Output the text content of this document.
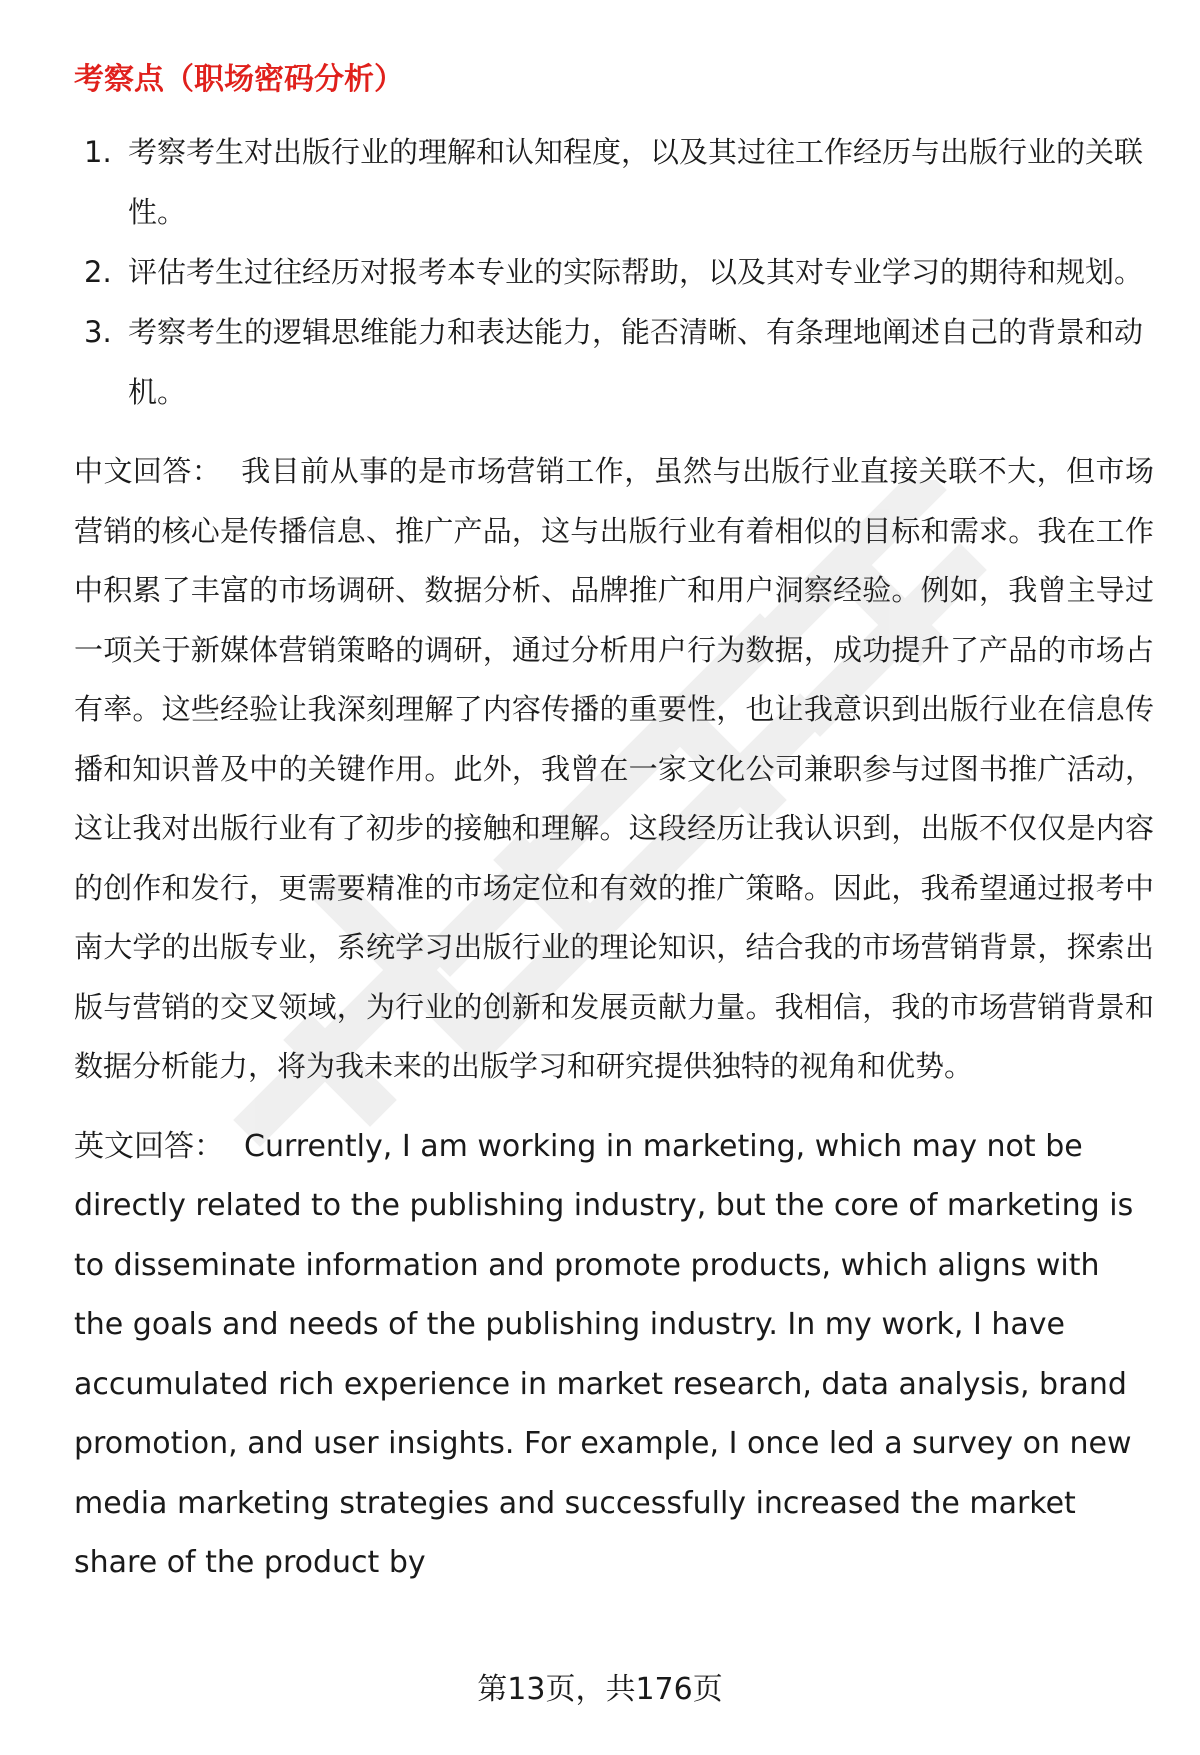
考察点（职场密码分析）
1. 考察考生对出版行业的理解和认知程度，以及其过往工作经历与出版行业的关联性。
2. 评估考生过往经历对报考本专业的实际帮助，以及其对专业学习的期待和规划。
3. 考察考生的逻辑思维能力和表达能力，能否清晰、有条理地阐述自己的背景和动机。

中文回答： 我目前从事的是市场营销工作，虽然与出版行业直接关联不大，但市场营销的核心是传播信息、推广产品，这与出版行业有着相似的目标和需求。我在工作中积累了丰富的市场调研、数据分析、品牌推广和用户洞察经验。例如，我曾主导过一项关于新媒体营销策略的调研，通过分析用户行为数据，成功提升了产品的市场占有率。这些经验让我深刻理解了内容传播的重要性，也让我意识到出版行业在信息传播和知识普及中的关键作用。此外，我曾在一家文化公司兼职参与过图书推广活动，这让我对出版行业有了初步的接触和理解。这段经历让我认识到，出版不仅仅是内容的创作和发行，更需要精准的市场定位和有效的推广策略。因此，我希望通过报考中南大学的出版专业，系统学习出版行业的理论知识，结合我的市场营销背景，探索出版与营销的交叉领域，为行业的创新和发展贡献力量。我相信，我的市场营销背景和数据分析能力，将为我未来的出版学习和研究提供独特的视角和优势。

英文回答： Currently, I am working in marketing, which may not be directly related to the publishing industry, but the core of marketing is to disseminate information and promote products, which aligns with the goals and needs of the publishing industry. In my work, I have accumulated rich experience in market research, data analysis, brand promotion, and user insights. For example, I once led a survey on new media marketing strategies and successfully increased the market share of the product by

第13页，共176页
